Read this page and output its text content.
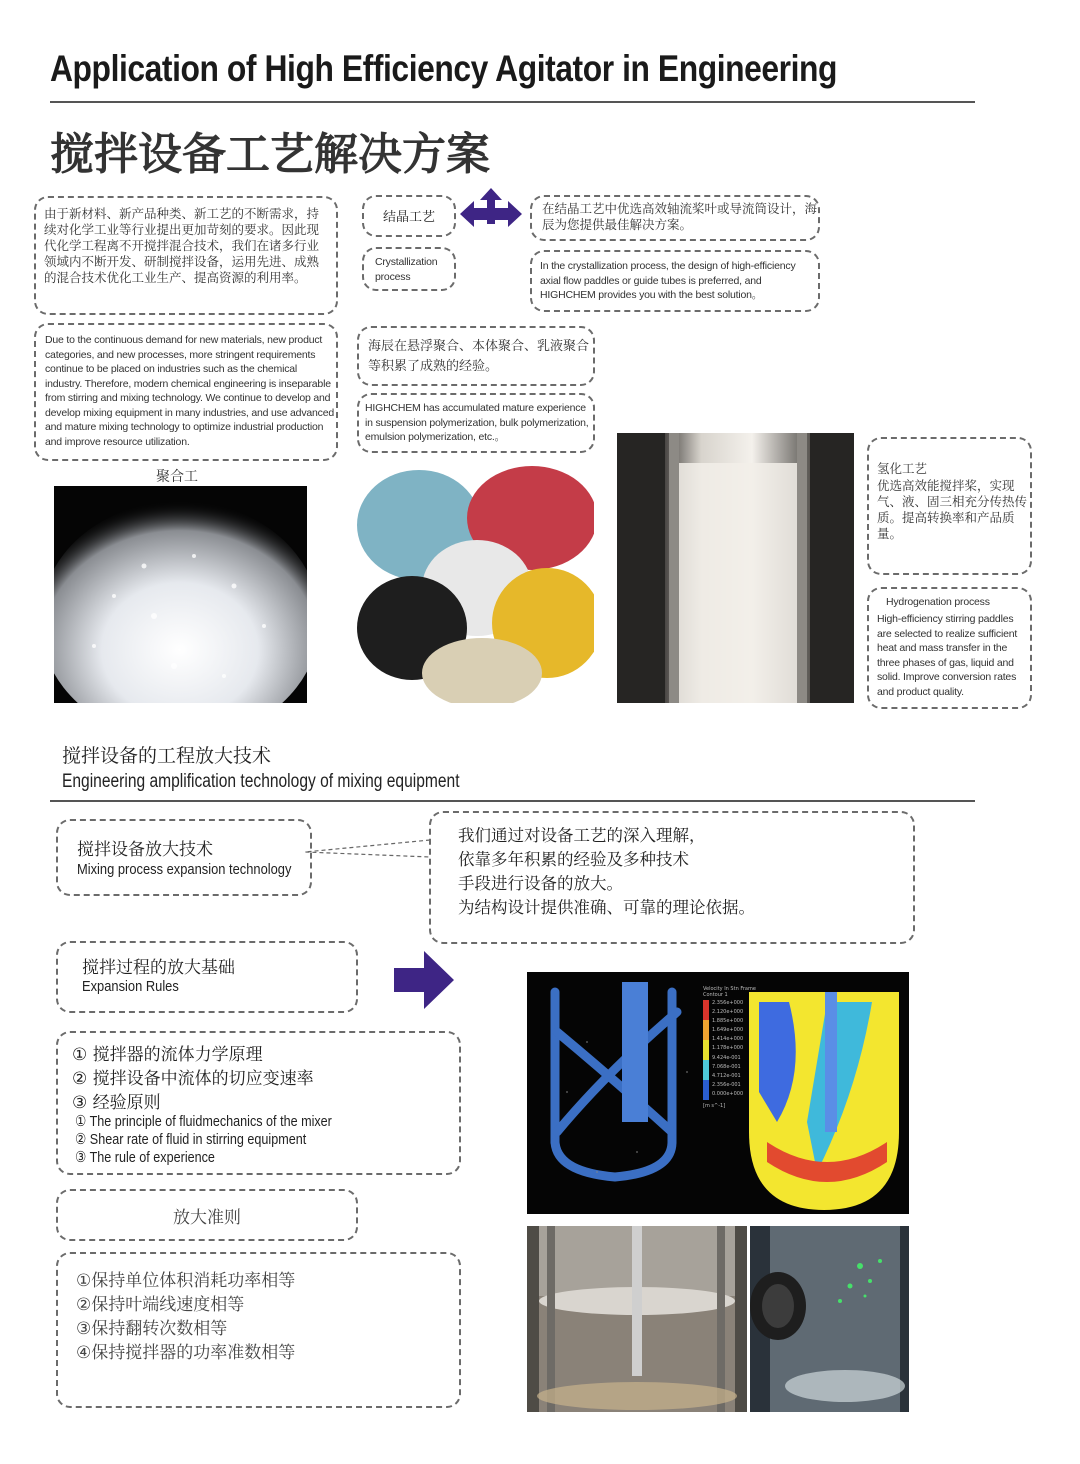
Application of High Efficiency Agitator in Engineering
搅拌设备工艺解决方案
由于新材料、新产品种类、新工艺的不断需求，持续对化学工业等行业提出更加苛刻的要求。因此现代化学工程离不开搅拌混合技术，我们在诸多行业领域内不断开发、研制搅拌设备，运用先进、成熟的混合技术优化工业生产、提高资源的利用率。
Due to the continuous demand for new materials, new product categories, and new processes, more stringent requirements continue to be placed on industries such as the chemical industry. Therefore, modern chemical engineering is inseparable from stirring and mixing technology. We continue to develop and develop mixing equipment in many industries, and use advanced and mature mixing technology to optimize industrial production and improve resource utilization.
结晶工艺
Crystallization process
在结晶工艺中优选高效轴流桨叶或导流筒设计，海辰为您提供最佳解决方案。
In the crystallization process, the design of high-efficiency axial flow paddles or guide tubes is preferred, and HIGHCHEM provides you with the best solution。
海辰在悬浮聚合、本体聚合、乳液聚合等积累了成熟的经验。
HIGHCHEM has accumulated mature experience in suspension polymerization, bulk polymerization, emulsion polymerization, etc.。
聚合工
氢化工艺
优选高效能搅拌桨，实现气、液、固三相充分传热传质。提高转换率和产品质量。
Hydrogenation process
High-efficiency stirring paddles are selected to realize sufficient heat and mass transfer in the three phases of gas, liquid and solid. Improve conversion rates and product quality.
搅拌设备的工程放大技术
Engineering amplification technology of mixing equipment
搅拌设备放大技术
Mixing process expansion technology
我们通过对设备工艺的深入理解，
依靠多年积累的经验及多种技术
手段进行设备的放大。
为结构设计提供准确、可靠的理论依据。
搅拌过程的放大基础
Expansion Rules
① 搅拌器的流体力学原理
② 搅拌设备中流体的切应变速率
③ 经验原则
① The principle of fluidmechanics of the mixer
② Shear rate of fluid in stirring equipment
③ The rule of experience
放大准则
①保持单位体积消耗功率相等
②保持叶端线速度相等
③保持翻转次数相等
④保持搅拌器的功率准数相等
Velocity In Stn Frame
Contour 1
2.356e+000
2.120e+000
1.885e+000
1.649e+000
1.414e+000
1.178e+000
9.424e-001
7.068e-001
4.712e-001
2.356e-001
0.000e+000
[m s^-1]
